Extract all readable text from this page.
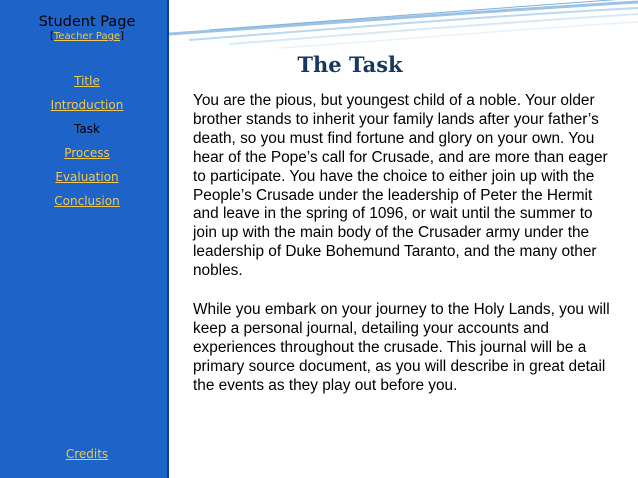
Student Page
[Teacher Page]
Title
Introduction
Task
Process
Evaluation
Conclusion
Credits
The Task

You are the pious, but youngest child of a noble. Your older brother stands to inherit your family lands after your father’s death, so you must find fortune and glory on your own. You hear of the Pope’s call for Crusade, and are more than eager to participate. You have the choice to either join up with the People’s Crusade under the leadership of Peter the Hermit and leave in the spring of 1096, or wait until the summer to join up with the main body of the Crusader army under the leadership of Duke Bohemund Taranto, and the many other nobles.

While you embark on your journey to the Holy Lands, you will keep a personal journal, detailing your accounts and experiences throughout the crusade. This journal will be a primary source document, as you will describe in great detail the events as they play out before you.
